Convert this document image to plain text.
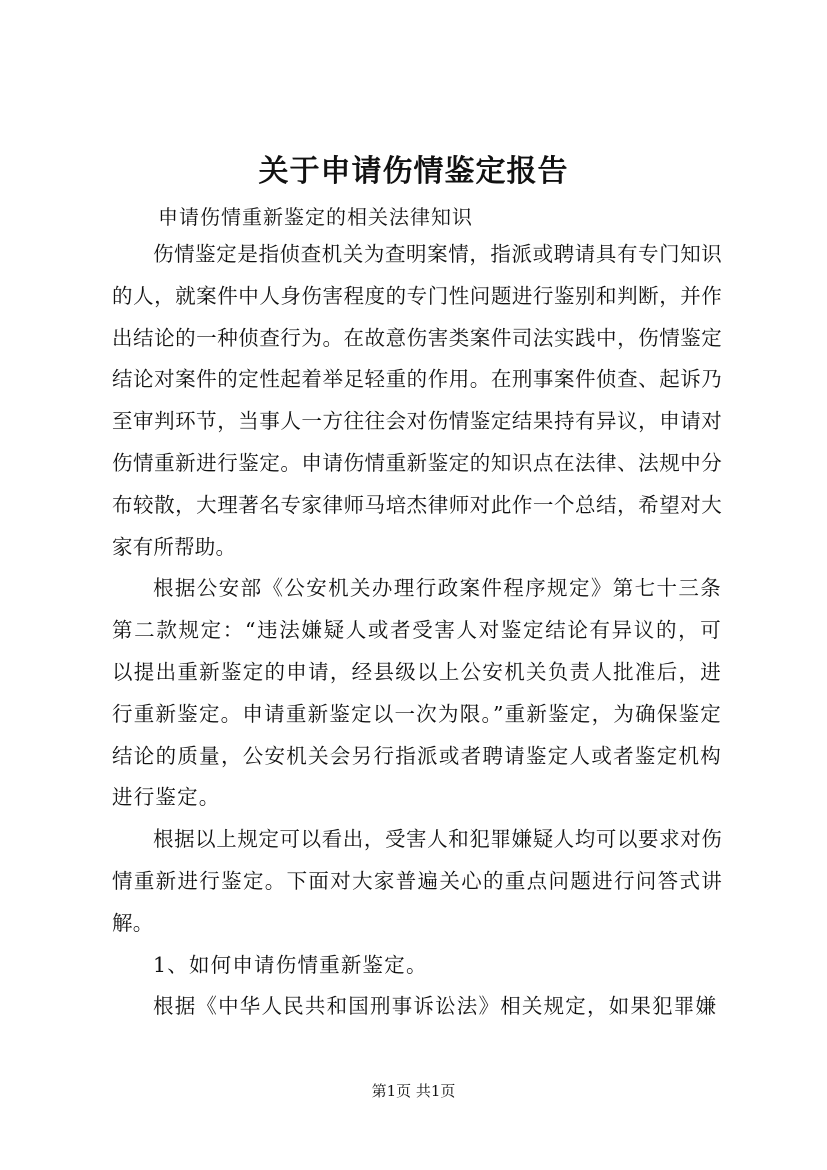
关于申请伤情鉴定报告
申请伤情重新鉴定的相关法律知识

伤情鉴定是指侦查机关为查明案情，指派或聘请具有专门知识的人，就案件中人身伤害程度的专门性问题进行鉴别和判断，并作出结论的一种侦查行为。在故意伤害类案件司法实践中，伤情鉴定结论对案件的定性起着举足轻重的作用。在刑事案件侦查、起诉乃至审判环节，当事人一方往往会对伤情鉴定结果持有异议，申请对伤情重新进行鉴定。申请伤情重新鉴定的知识点在法律、法规中分布较散，大理著名专家律师马培杰律师对此作一个总结，希望对大家有所帮助。

根据公安部《公安机关办理行政案件程序规定》第七十三条第二款规定：“违法嫌疑人或者受害人对鉴定结论有异议的，可以提出重新鉴定的申请，经县级以上公安机关负责人批准后，进行重新鉴定。申请重新鉴定以一次为限。”重新鉴定，为确保鉴定结论的质量，公安机关会另行指派或者聘请鉴定人或者鉴定机构进行鉴定。

根据以上规定可以看出，受害人和犯罪嫌疑人均可以要求对伤情重新进行鉴定。下面对大家普遍关心的重点问题进行问答式讲解。

1、如何申请伤情重新鉴定。

根据《中华人民共和国刑事诉讼法》相关规定，如果犯罪嫌

第1页 共1页
